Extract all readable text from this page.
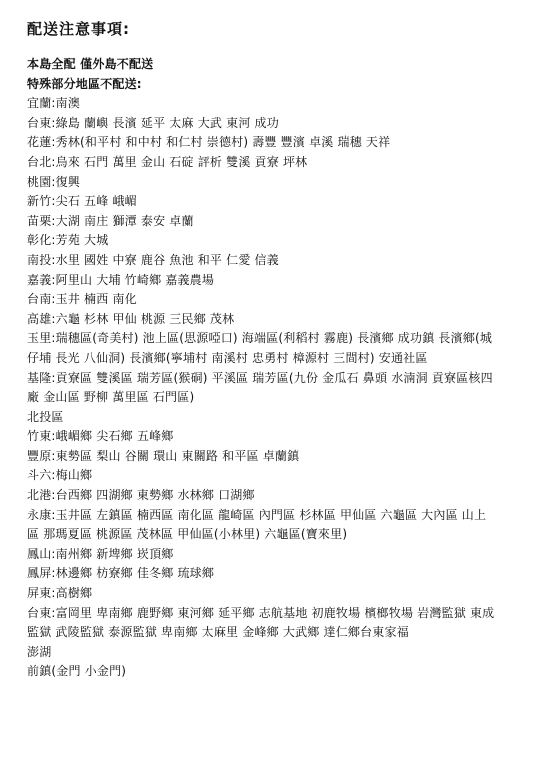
配送注意事項:
本島全配 僅外島不配送
特殊部分地區不配送:
宜蘭:南澳
台東:綠島 蘭嶼 長濱 延平 太麻 大武 東河 成功
花蓮:秀林(和平村 和中村 和仁村 崇德村) 壽豐 豐濱 卓溪 瑞穗 天祥
台北:烏來 石門 萬里 金山 石碇 評析 雙溪 貢寮 坪林
桃園:復興
新竹:尖石 五峰 峨嵋
苗栗:大湖 南庄 獅潭 泰安 卓蘭
彰化:芳苑 大城
南投:水里 國姓 中寮 鹿谷 魚池 和平 仁愛 信義
嘉義:阿里山 大埔 竹崎鄉 嘉義農場
台南:玉井 楠西 南化
高雄:六龜 杉林 甲仙 桃源 三民鄉 茂林
玉里:瑞穗區(奇美村) 池上區(思源啞口) 海端區(利稻村 霧鹿) 長濱鄉 成功鎮 長濱鄉(城仔埔 長光 八仙洞) 長濱鄉(寧埔村 南溪村 忠勇村 樟源村 三間村) 安通社區
基隆:貢寮區 雙溪區 瑞芳區(猴硐) 平溪區 瑞芳區(九份 金瓜石 鼻頭 水湳洞 貢寮區核四廠 金山區 野柳 萬里區 石門區)
北投區
竹東:峨嵋鄉 尖石鄉 五峰鄉
豐原:東勢區 梨山 谷關 環山 東關路 和平區 卓蘭鎮
斗六:梅山鄉
北港:台西鄉 四湖鄉 東勢鄉 水林鄉 口湖鄉
永康:玉井區 左鎮區 楠西區 南化區 龍崎區 內門區 杉林區 甲仙區 六龜區 大內區 山上區 那瑪夏區 桃源區 茂林區 甲仙區(小林里) 六龜區(寶來里)
鳳山:南州鄉 新埤鄉 崁頂鄉
鳳屏:林邊鄉 枋寮鄉 佳冬鄉 琉球鄉
屏東:高樹鄉
台東:富岡里 卑南鄉 鹿野鄉 東河鄉 延平鄉 志航基地 初鹿牧場 檳榔牧場 岩灣監獄 東成監獄 武陵監獄 泰源監獄 卑南鄉 太麻里 金峰鄉 大武鄉 達仁鄉台東家福
澎湖
前鎮(金門 小金門)
